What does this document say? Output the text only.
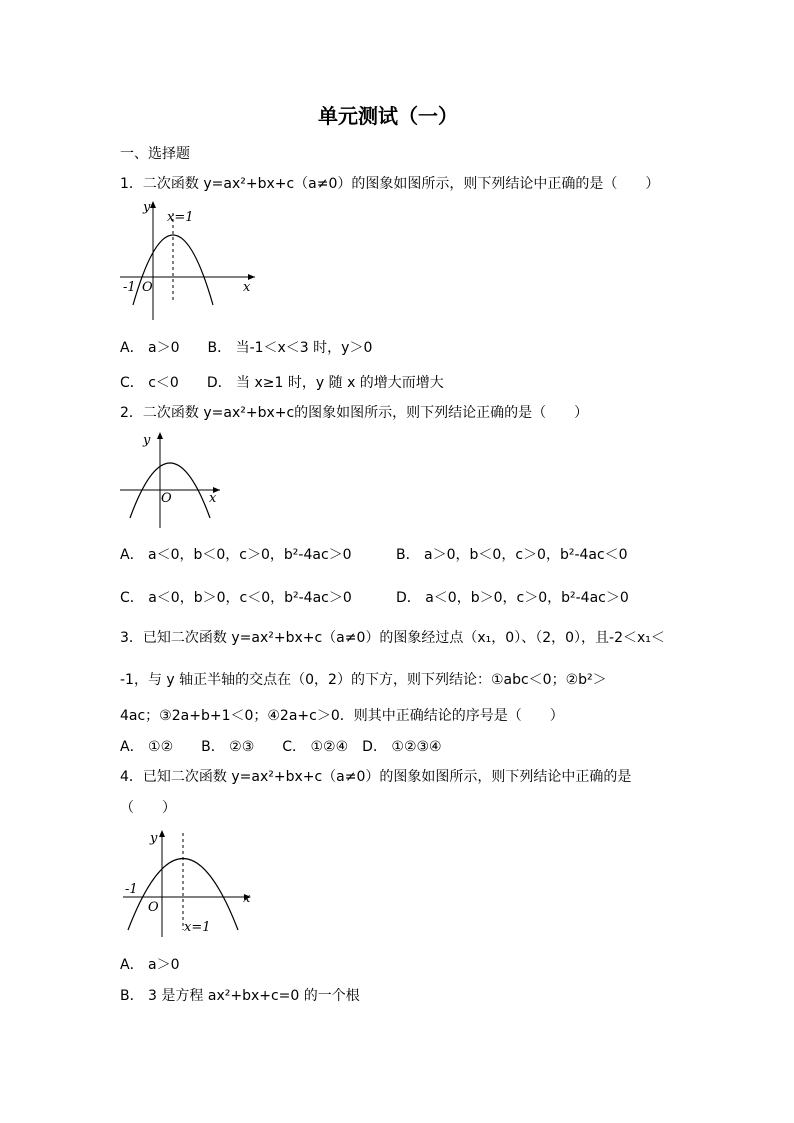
单元测试（一）
一、选择题
1．二次函数 y=ax²+bx+c（a≠0）的图象如图所示，则下列结论中正确的是（　　）
y
x
x=1
-1 O
A． a＞0　　B． 当-1＜x＜3 时，y＞0
C． c＜0　　D． 当 x≥1 时，y 随 x 的增大而增大
2．二次函数 y=ax²+bx+c的图象如图所示，则下列结论正确的是（　　）
y
x
O
A． a＜0，b＜0，c＞0，b²-4ac＞0	B． a＞0，b＜0，c＞0，b²-4ac＜0
C． a＜0，b＞0，c＜0，b²-4ac＞0	D． a＜0，b＞0，c＞0，b²-4ac＞0
3．已知二次函数 y=ax²+bx+c（a≠0）的图象经过点（x₁，0）、（2，0），且-2＜x₁＜
-1，与 y 轴正半轴的交点在（0，2）的下方，则下列结论：①abc＜0；②b²＞
4ac；③2a+b+1＜0；④2a+c＞0．则其中正确结论的序号是（　　）
A． ①②　　B． ②③　　C． ①②④　D． ①②③④
4．已知二次函数 y=ax²+bx+c（a≠0）的图象如图所示，则下列结论中正确的是
（　　）
y
x
-1
O
x=1
A． a＞0
B． 3 是方程 ax²+bx+c=0 的一个根
